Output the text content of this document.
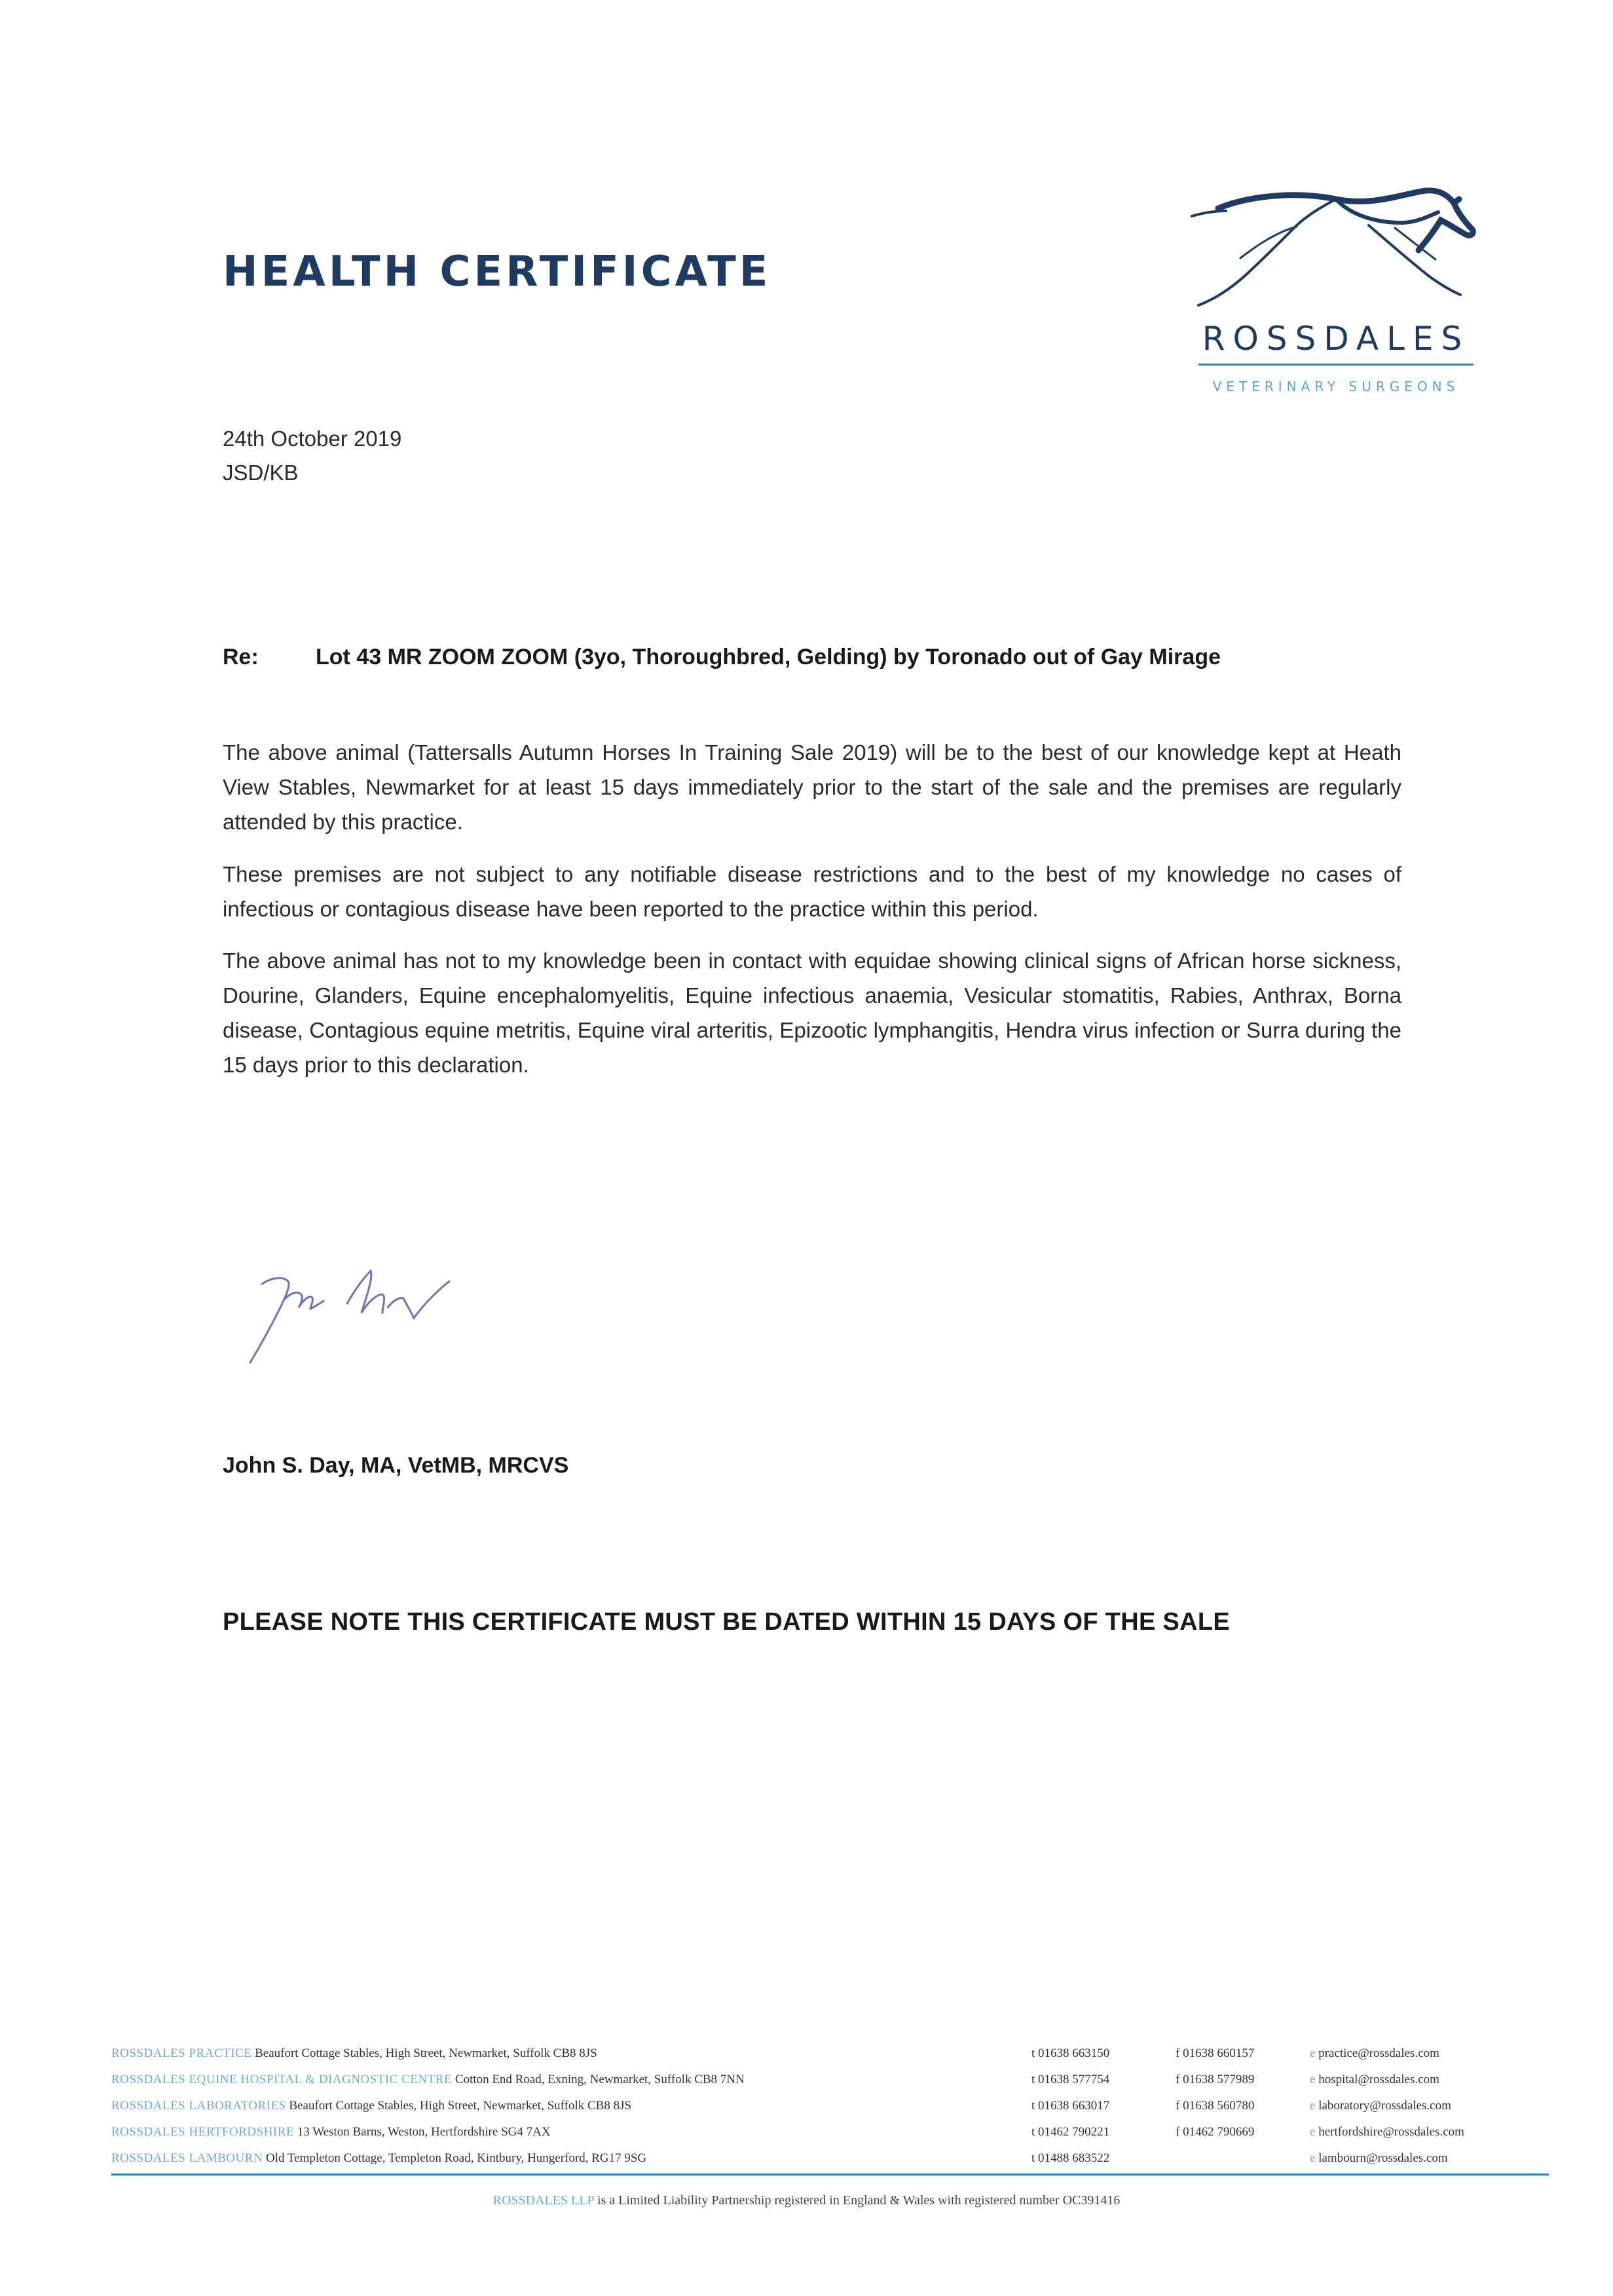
HEALTH CERTIFICATE
ROSSDALES
VETERINARY SURGEONS
24th October 2019
JSD/KB
Re:	Lot 43 MR ZOOM ZOOM (3yo, Thoroughbred, Gelding) by Toronado out of Gay Mirage
The above animal (Tattersalls Autumn Horses In Training Sale 2019) will be to the best of our knowledge kept at Heath View Stables, Newmarket for at least 15 days immediately prior to the start of the sale and the premises are regularly attended by this practice.
These premises are not subject to any notifiable disease restrictions and to the best of my knowledge no cases of infectious or contagious disease have been reported to the practice within this period.
The above animal has not to my knowledge been in contact with equidae showing clinical signs of African horse sickness, Dourine, Glanders, Equine encephalomyelitis, Equine infectious anaemia, Vesicular stomatitis, Rabies, Anthrax, Borna disease, Contagious equine metritis, Equine viral arteritis, Epizootic lymphangitis, Hendra virus infection or Surra during the 15 days prior to this declaration.
John S. Day, MA, VetMB, MRCVS
PLEASE NOTE THIS CERTIFICATE MUST BE DATED WITHIN 15 DAYS OF THE SALE
ROSSDALES PRACTICE Beaufort Cottage Stables, High Street, Newmarket, Suffolk CB8 8JS	t 01638 663150	f 01638 660157	e practice@rossdales.com
ROSSDALES EQUINE HOSPITAL & DIAGNOSTIC CENTRE Cotton End Road, Exning, Newmarket, Suffolk CB8 7NN	t 01638 577754	f 01638 577989	e hospital@rossdales.com
ROSSDALES LABORATORIES Beaufort Cottage Stables, High Street, Newmarket, Suffolk CB8 8JS	t 01638 663017	f 01638 560780	e laboratory@rossdales.com
ROSSDALES HERTFORDSHIRE 13 Weston Barns, Weston, Hertfordshire SG4 7AX	t 01462 790221	f 01462 790669	e hertfordshire@rossdales.com
ROSSDALES LAMBOURN Old Templeton Cottage, Templeton Road, Kintbury, Hungerford, RG17 9SG	t 01488 683522	e lambourn@rossdales.com
ROSSDALES LLP is a Limited Liability Partnership registered in England & Wales with registered number OC391416
